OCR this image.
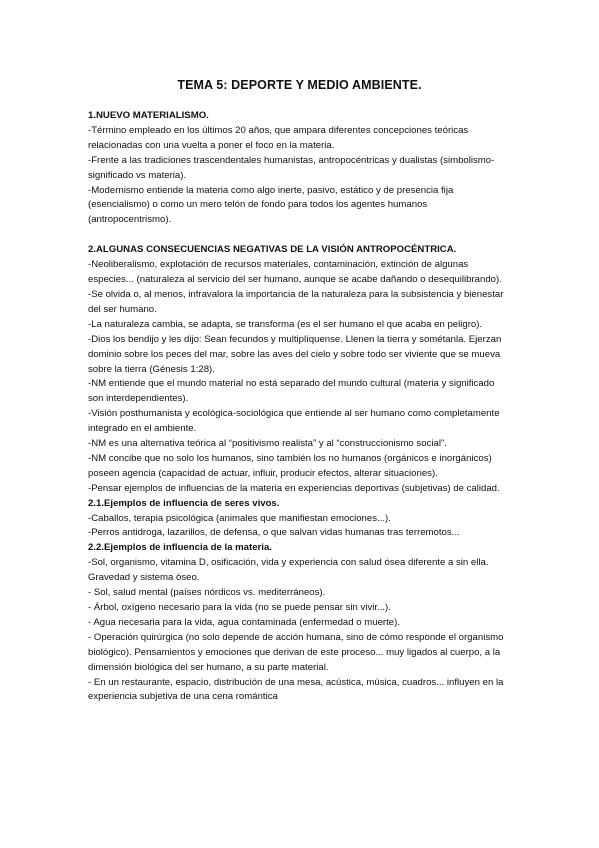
TEMA 5: DEPORTE Y MEDIO AMBIENTE.

1.NUEVO MATERIALISMO.

-Término empleado en los últimos 20 años, que ampara diferentes concepciones teóricas relacionadas con una vuelta a poner el foco en la materia.

-Frente a las tradiciones trascendentales humanistas, antropocéntricas y dualistas (simbolismo-significado vs materia).

-Modernismo entiende la materia como algo inerte, pasivo, estático y de presencia fija (esencialismo) o como un mero telón de fondo para todos los agentes humanos (antropocentrismo).

2.ALGUNAS CONSECUENCIAS NEGATIVAS DE LA VISIÓN ANTROPOCÉNTRICA.

-Neoliberalismo, explotación de recursos materiales, contaminación, extinción de algunas especies... (naturaleza al servicio del ser humano, aunque se acabe dañando o desequilibrando).

-Se olvida o, al menos, infravalora la importancia de la naturaleza para la subsistencia y bienestar del ser humano.

-La naturaleza cambia, se adapta, se transforma (es el ser humano el que acaba en peligro).

-Dios los bendijo y les dijo: Sean fecundos y multiplíquense. Llenen la tierra y sométanla. Ejerzan dominio sobre los peces del mar, sobre las aves del cielo y sobre todo ser viviente que se mueva sobre la tierra (Génesis 1:28).

-NM entiende que el mundo material no está separado del mundo cultural (materia y significado son interdependientes).

-Visión posthumanista y ecológica-sociológica que entiende al ser humano como completamente integrado en el ambiente.

-NM es una alternativa teórica al “positivismo realista” y al “construccionismo social”.

-NM concibe que no solo los humanos, sino también los no humanos (orgánicos e inorgánicos) poseen agencia (capacidad de actuar, influir, producir efectos, alterar situaciones).

-Pensar ejemplos de influencias de la materia en experiencias deportivas (subjetivas) de calidad.

2.1.Ejemplos de influencia de seres vivos.

-Caballos, terapia psicológica (animales que manifiestan emociones...).

-Perros antidroga, lazarillos, de defensa, o que salvan vidas humanas tras terremotos...

2.2.Ejemplos de influencia de la materia.

-Sol, organismo, vitamina D, osificación, vida y experiencia con salud ósea diferente a sin ella. Gravedad y sistema óseo.

- Sol, salud mental (países nórdicos vs. mediterráneos).

- Árbol, oxígeno necesario para la vida (no se puede pensar sin vivir...).

- Agua necesaria para la vida, agua contaminada (enfermedad o muerte).

- Operación quirúrgica (no solo depende de acción humana, sino de cómo responde el organismo biológico). Pensamientos y emociones que derivan de este proceso... muy ligados al cuerpo, a la dimensión biológica del ser humano, a su parte material.

- En un restaurante, espacio, distribución de una mesa, acústica, música, cuadros... influyen en la experiencia subjetiva de una cena romántica
